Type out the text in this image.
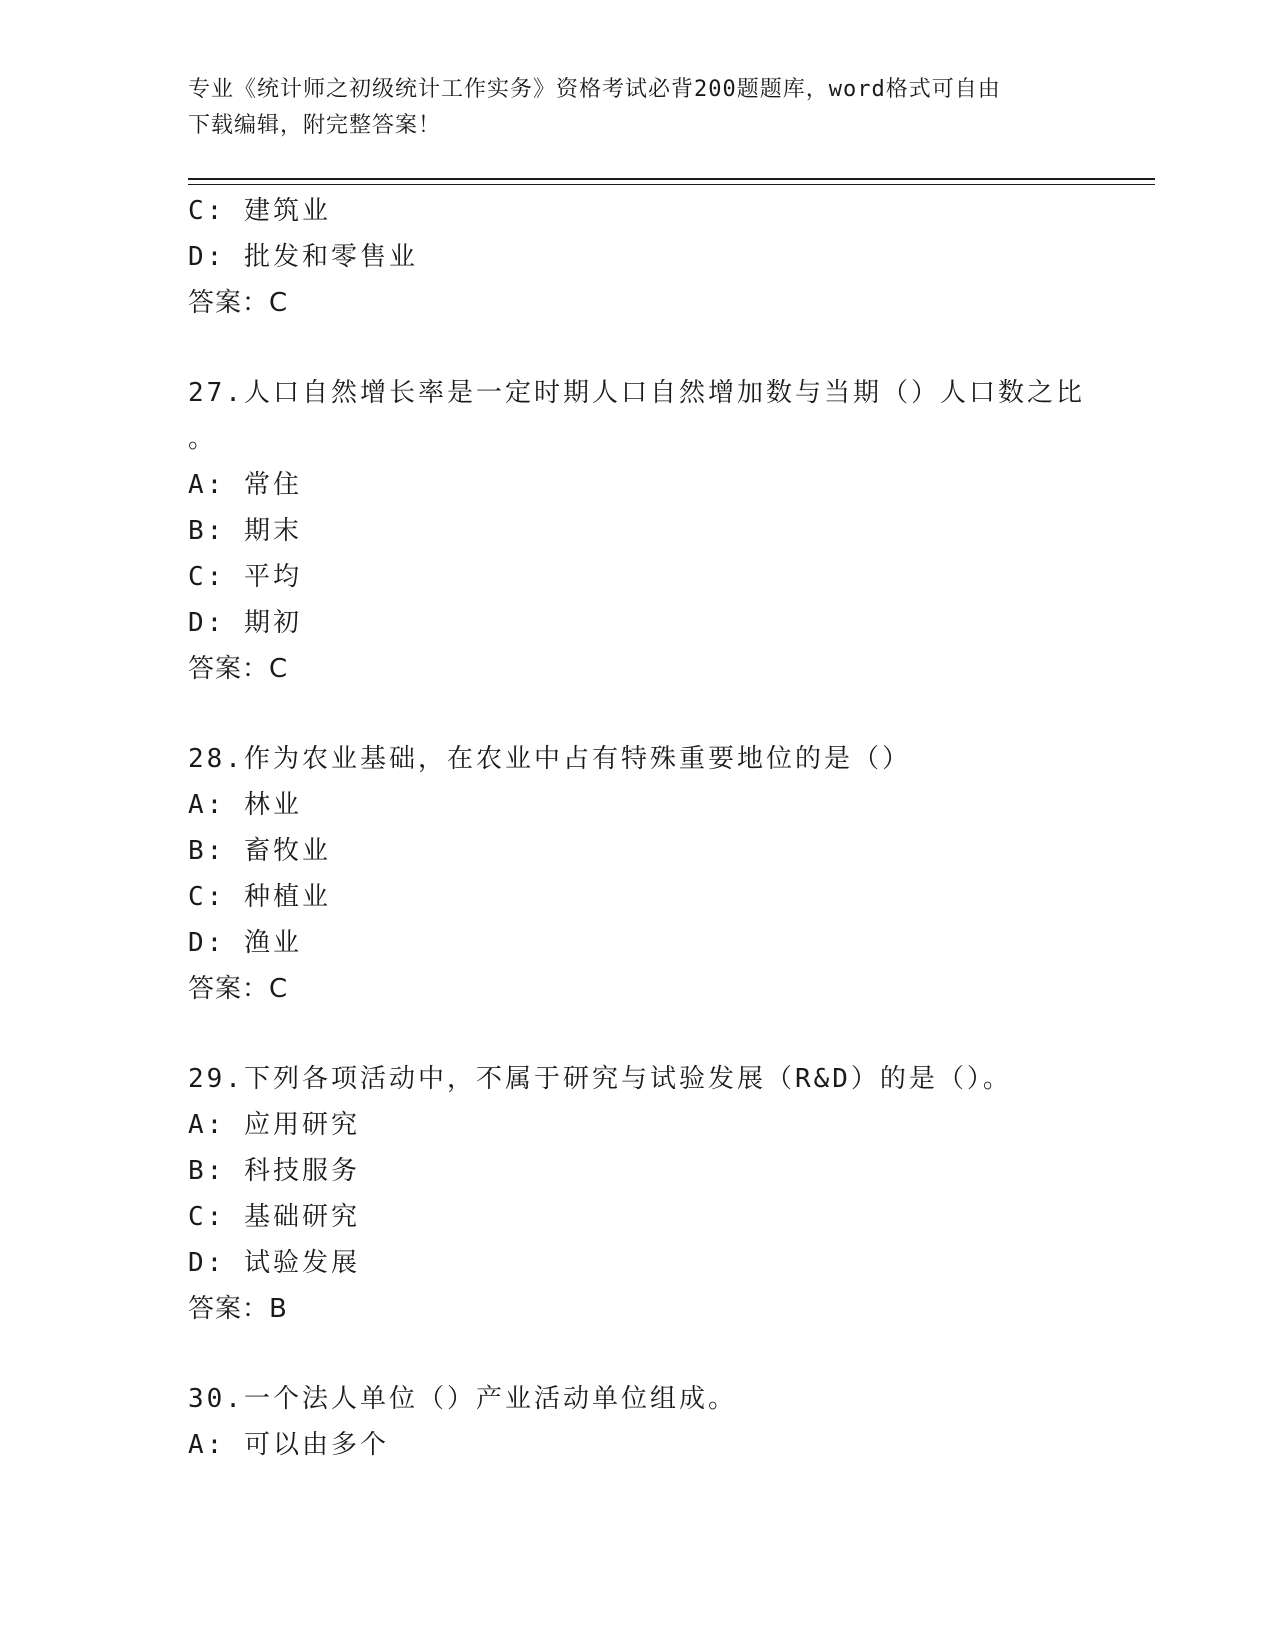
专业《统计师之初级统计工作实务》资格考试必背200题题库，word格式可自由
下载编辑，附完整答案！
C: 建筑业
D: 批发和零售业
答案：C
27.人口自然增长率是一定时期人口自然增加数与当期（）人口数之比
。
A: 常住
B: 期末
C: 平均
D: 期初
答案：C
28.作为农业基础，在农业中占有特殊重要地位的是（）
A: 林业
B: 畜牧业
C: 种植业
D: 渔业
答案：C
29.下列各项活动中，不属于研究与试验发展（R&D）的是（）。
A: 应用研究
B: 科技服务
C: 基础研究
D: 试验发展
答案：B
30.一个法人单位（）产业活动单位组成。
A: 可以由多个
